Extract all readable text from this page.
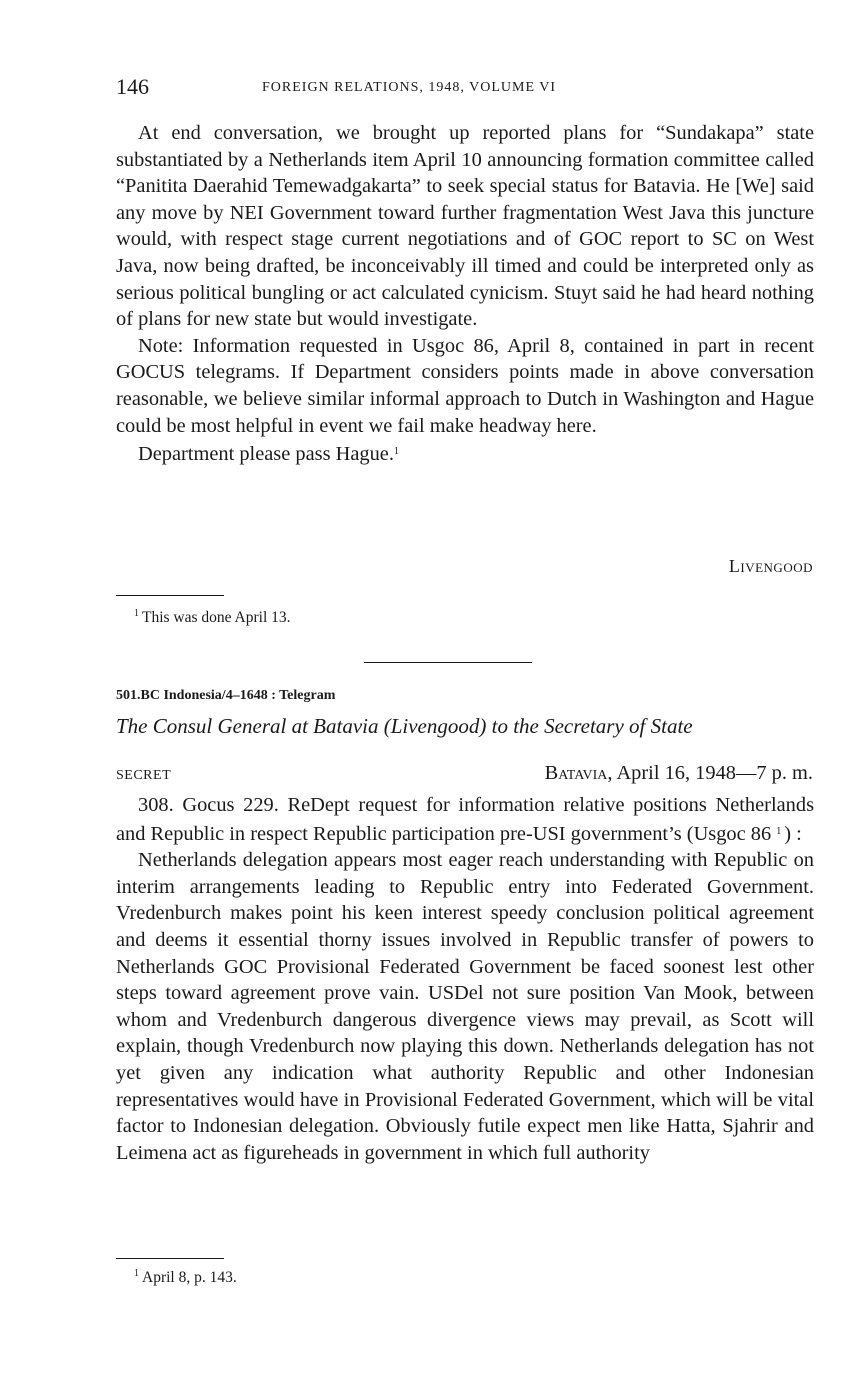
146	FOREIGN RELATIONS, 1948, VOLUME VI

At end conversation, we brought up reported plans for “Sundakapa” state substantiated by a Netherlands item April 10 announcing formation committee called “Panitita Daerahid Temewadgakarta” to seek special status for Batavia. He [We] said any move by NEI Government toward further fragmentation West Java this juncture would, with respect stage current negotiations and of GOC report to SC on West Java, now being drafted, be inconceivably ill timed and could be interpreted only as serious political bungling or act calculated cynicism. Stuyt said he had heard nothing of plans for new state but would investigate.

Note: Information requested in Usgoc 86, April 8, contained in part in recent GOCUS telegrams. If Department considers points made in above conversation reasonable, we believe similar informal approach to Dutch in Washington and Hague could be most helpful in event we fail make headway here.

Department please pass Hague.$^1$

Livengood
$^1$ This was done April 13.
501.BC Indonesia/4–1648 : Telegram
The Consul General at Batavia (Livengood) to the Secretary of State
SECRET	Batavia, April 16, 1948—7 p. m.

308. Gocus 229. ReDept request for information relative positions Netherlands and Republic in respect Republic participation pre-USI government’s (Usgoc 86 $^1$ ) :

Netherlands delegation appears most eager reach understanding with Republic on interim arrangements leading to Republic entry into Federated Government. Vredenburch makes point his keen interest speedy conclusion political agreement and deems it essential thorny issues involved in Republic transfer of powers to Netherlands GOC Provisional Federated Government be faced soonest lest other steps toward agreement prove vain. USDel not sure position Van Mook, between whom and Vredenburch dangerous divergence views may prevail, as Scott will explain, though Vredenburch now playing this down. Netherlands delegation has not yet given any indication what authority Republic and other Indonesian representatives would have in Provisional Federated Government, which will be vital factor to Indonesian delegation. Obviously futile expect men like Hatta, Sjahrir and Leimena act as figureheads in government in which full authority

$^1$ April 8, p. 143.
